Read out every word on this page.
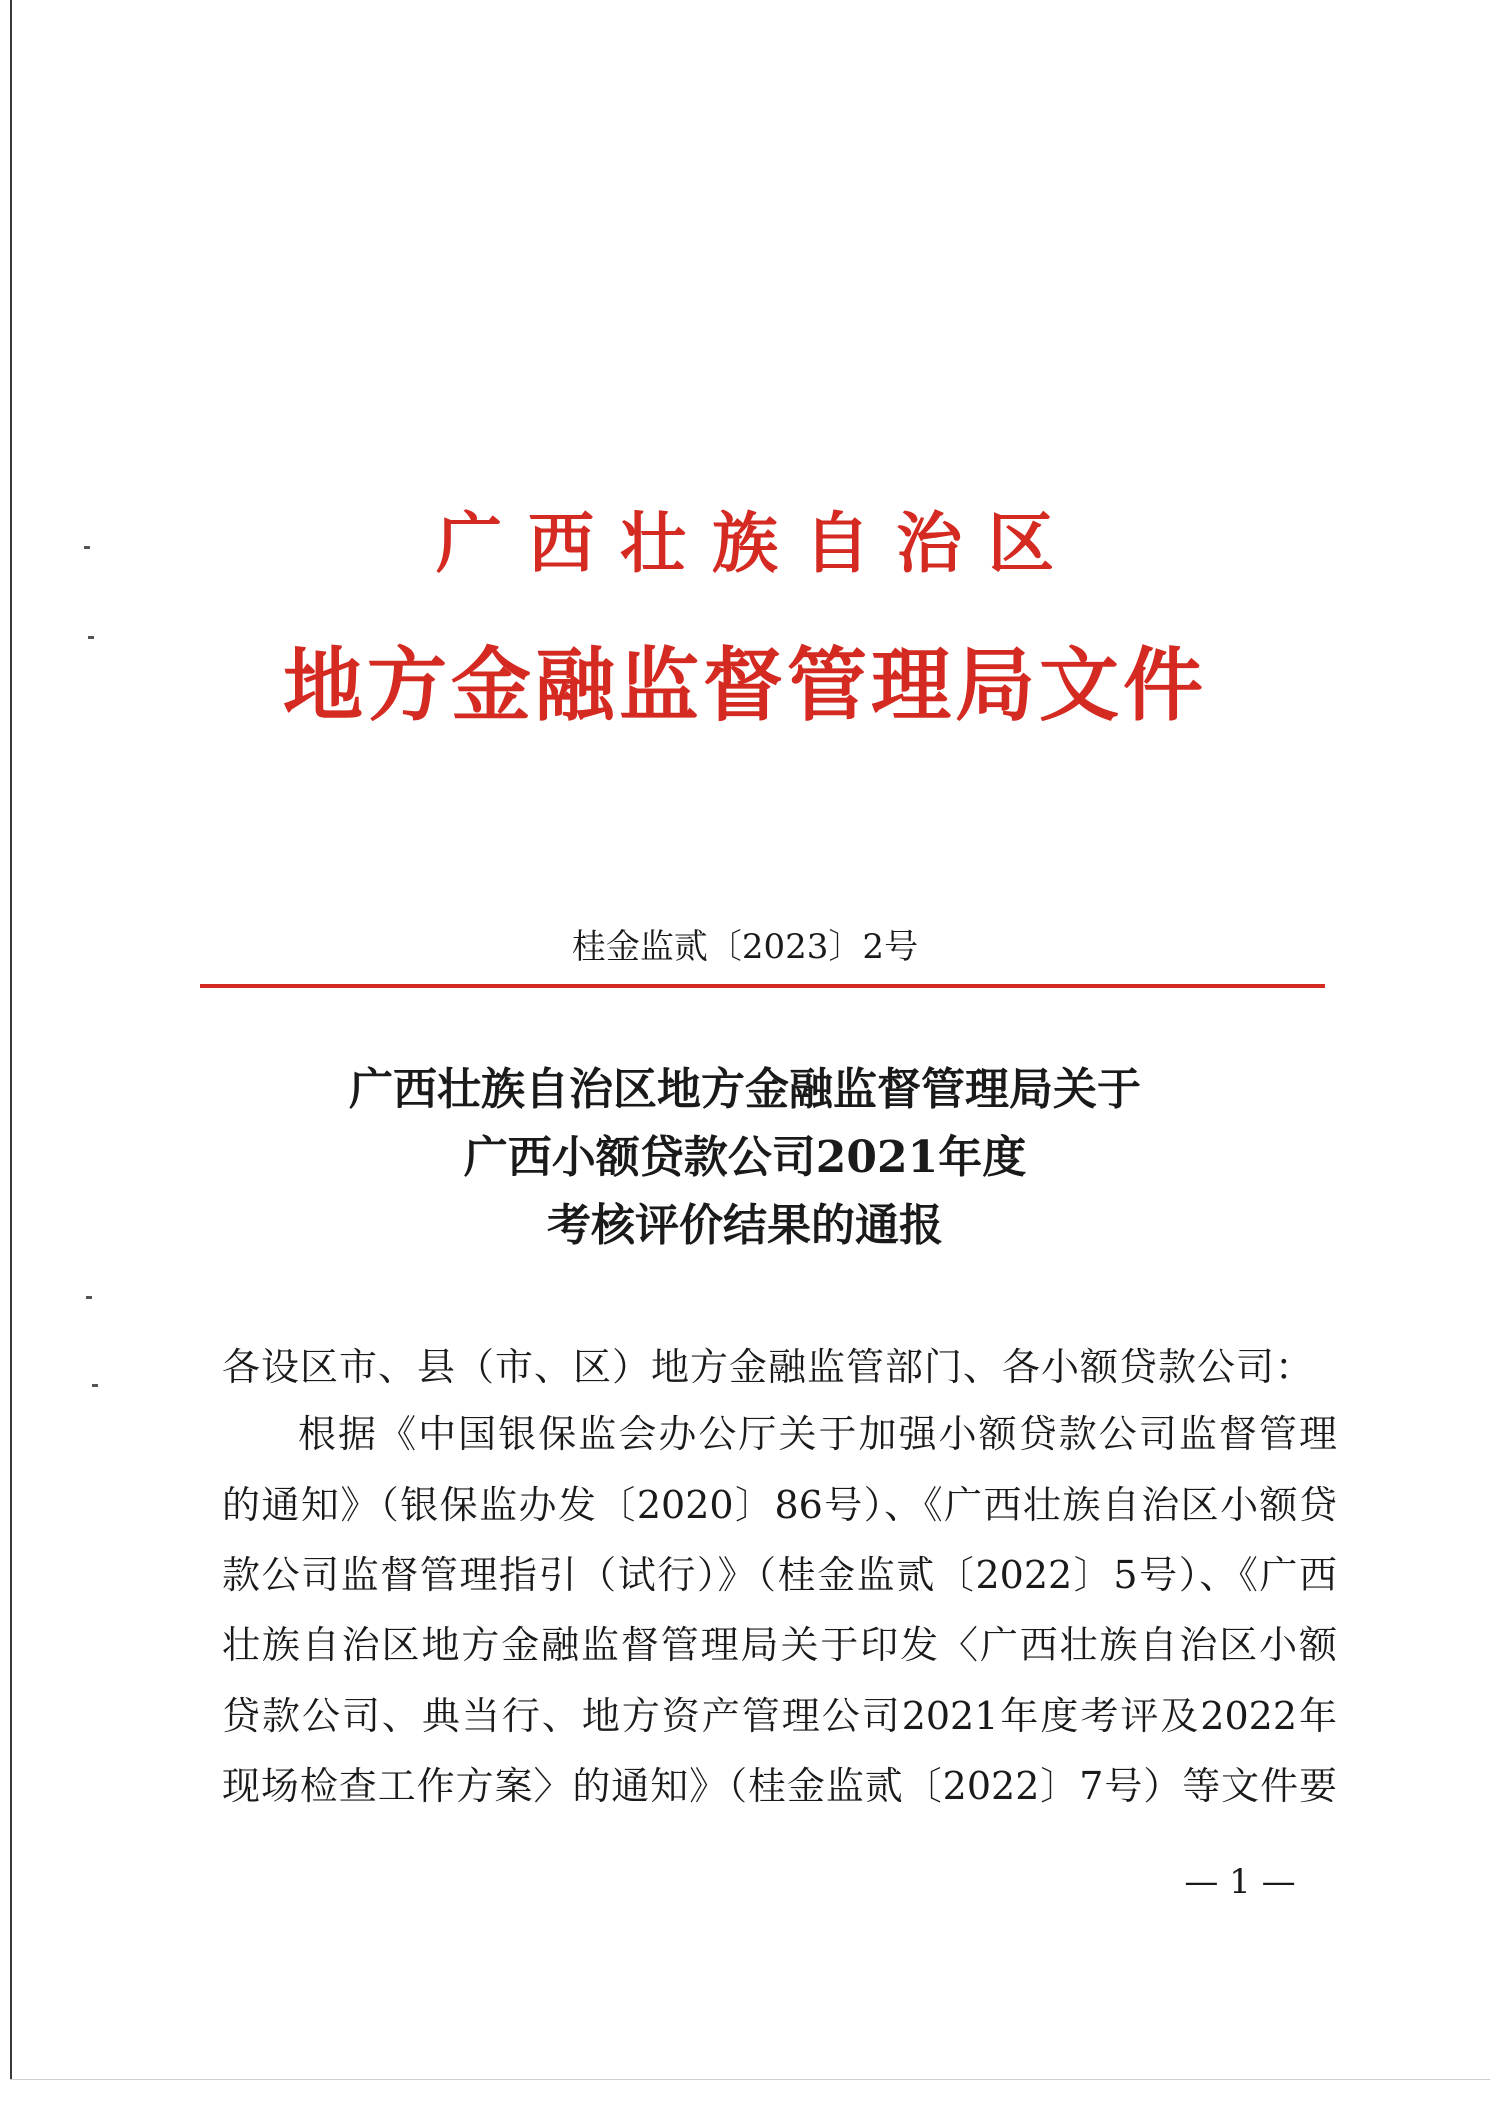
广西壮族自治区
地方金融监督管理局文件
桂金监贰〔2023〕2号
广西壮族自治区地方金融监督管理局关于
广西小额贷款公司2021年度
考核评价结果的通报
各设区市、县（市、区）地方金融监管部门、各小额贷款公司：
根据《中国银保监会办公厅关于加强小额贷款公司监督管理
的通知》（银保监办发〔2020〕86号）、《广西壮族自治区小额贷
款公司监督管理指引（试行）》（桂金监贰〔2022〕5号）、《广西
壮族自治区地方金融监督管理局关于印发〈广西壮族自治区小额
贷款公司、典当行、地方资产管理公司2021年度考评及2022年
现场检查工作方案〉的通知》（桂金监贰〔2022〕7号）等文件要
— 1 —
